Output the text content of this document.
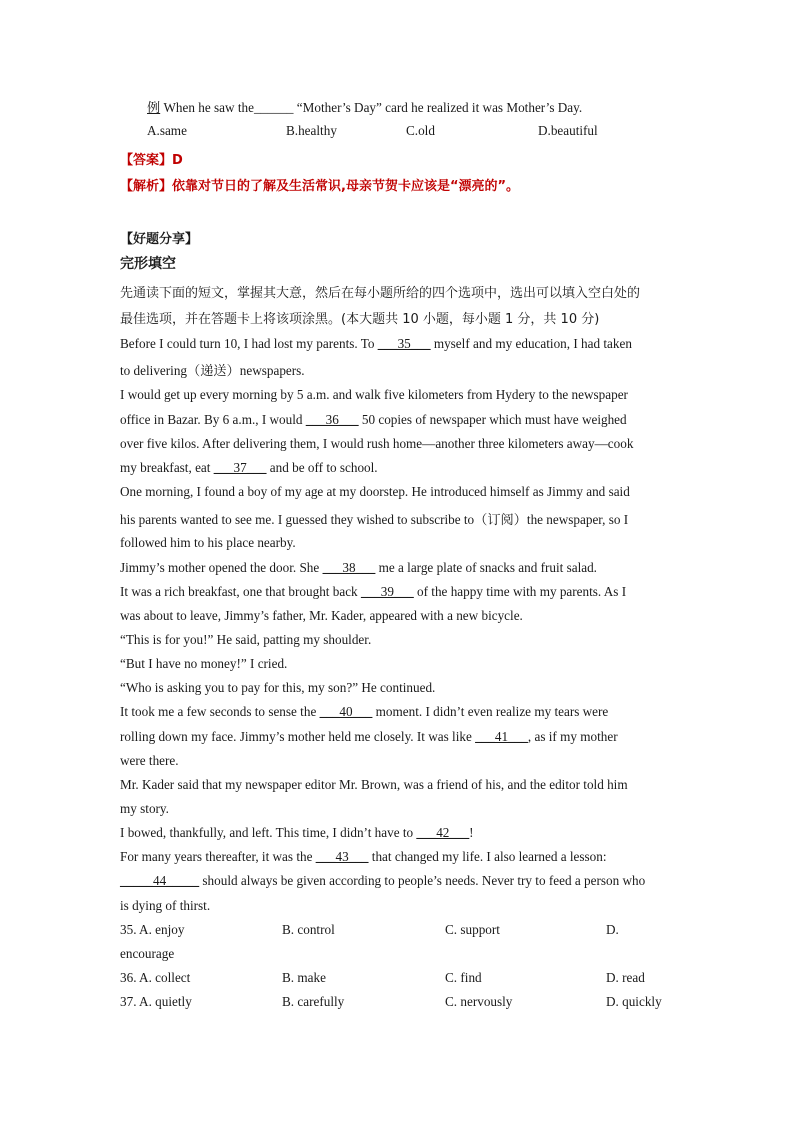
例 When he saw the______ “Mother’s Day” card he realized it was Mother’s Day.
A.same	B.healthy	C.old	D.beautiful
【答案】D
【解析】依靠对节日的了解及生活常识,母亲节贺卡应该是“漂亮的”。
【好题分享】
完形填空
先通读下面的短文，掌握其大意，然后在每小题所给的四个选项中，选出可以填入空白处的
最佳选项，并在答题卡上将该项涂黑。(本大题共 10 小题，每小题 1 分，共 10 分)
Before I could turn 10, I had lost my parents. To ___35___ myself and my education, I had taken
to delivering（递送）newspapers.
I would get up every morning by 5 a.m. and walk five kilometers from Hydery to the newspaper
office in Bazar. By 6 a.m., I would ___36___ 50 copies of newspaper which must have weighed
over five kilos. After delivering them, I would rush home—another three kilometers away—cook
my breakfast, eat ___37___ and be off to school.
One morning, I found a boy of my age at my doorstep. He introduced himself as Jimmy and said
his parents wanted to see me. I guessed they wished to subscribe to（订阅）the newspaper, so I
followed him to his place nearby.
Jimmy’s mother opened the door. She ___38___ me a large plate of snacks and fruit salad.
It was a rich breakfast, one that brought back ___39___ of the happy time with my parents. As I
was about to leave, Jimmy’s father, Mr. Kader, appeared with a new bicycle.
“This is for you!” He said, patting my shoulder.
“But I have no money!” I cried.
“Who is asking you to pay for this, my son?” He continued.
It took me a few seconds to sense the ___40___ moment. I didn’t even realize my tears were
rolling down my face. Jimmy’s mother held me closely. It was like ___41___, as if my mother
were there.
Mr. Kader said that my newspaper editor Mr. Brown, was a friend of his, and the editor told him
my story.
I bowed, thankfully, and left. This time, I didn’t have to ___42___!
For many years thereafter, it was the ___43___ that changed my life. I also learned a lesson:
_____44_____ should always be given according to people’s needs. Never try to feed a person who
is dying of thirst.
35. A. enjoy	B. control	C. support	D.
encourage
36. A. collect	B. make	C. find	D. read
37. A. quietly	B. carefully	C. nervously	D. quickly
